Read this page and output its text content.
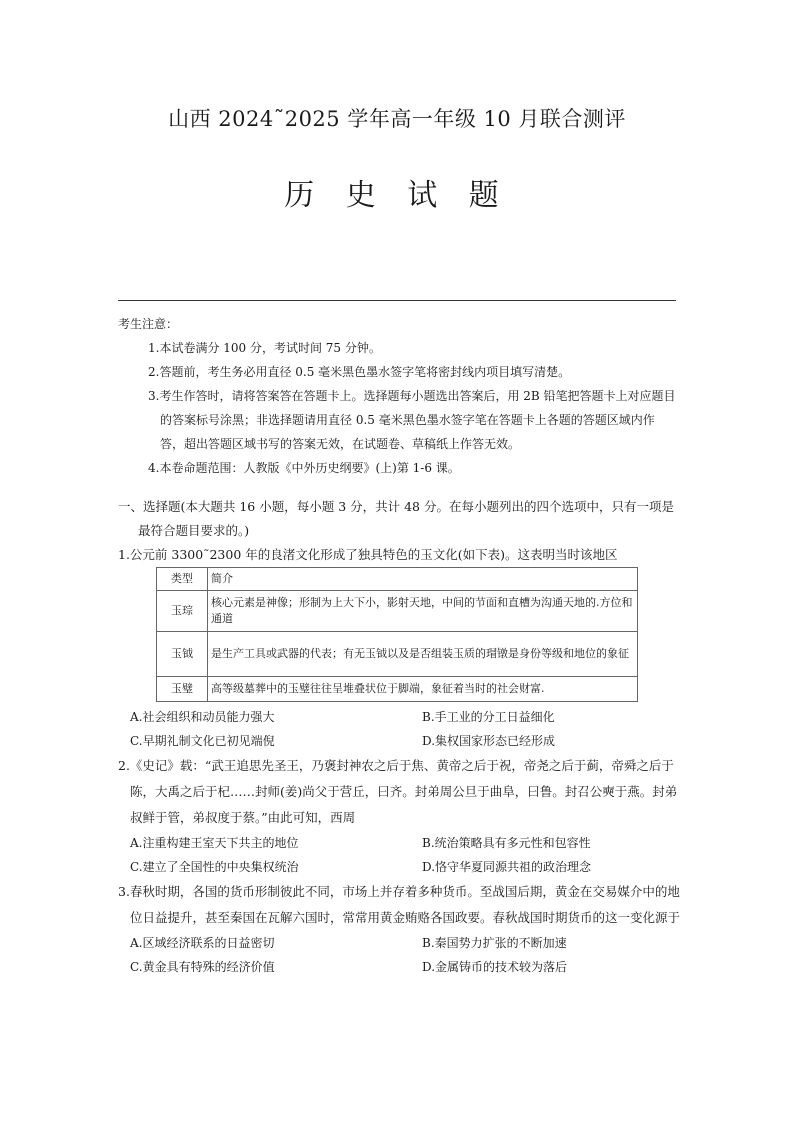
山西 2024˜2025 学年高一年级 10 月联合测评
历 史 试 题

考生注意：

1.本试卷满分 100 分，考试时间 75 分钟。
2.答题前，考生务必用直径 0.5 毫米黑色墨水签字笔将密封线内项目填写清楚。
3.考生作答时，请将答案答在答题卡上。选择题每小题选出答案后，用 2B 铅笔把答题卡上对应题目的答案标号涂黑；非选择题请用直径 0.5 毫米黑色墨水签字笔在答题卡上各题的答题区域内作答，超出答题区域书写的答案无效，在试题卷、草稿纸上作答无效。
4.本卷命题范围：人教版《中外历史纲要》(上)第 1-6 课。

一、选择题(本大题共 16 小题，每小题 3 分，共计 48 分。在每小题列出的四个选项中，只有一项是最符合题目要求的。)

1.公元前 3300˜2300 年的良渚文化形成了独具特色的玉文化(如下表)。这表明当时该地区

类型	简介
玉琮	核心元素是神像；形制为上大下小，影射天地，中间的节面和直槽为沟通天地的.方位和通道
玉钺	是生产工具或武器的代表；有无玉钺以及是否组装玉质的瑁镦是身份等级和地位的象征
玉璧	高等级墓葬中的玉璧往往呈堆叠状位于脚端，象征着当时的社会财富.
A.社会组织和动员能力强大	B.手工业的分工日益细化
C.早期礼制文化已初见端倪	D.集权国家形态已经形成

2.《史记》载：“武王追思先圣王，乃褒封神农之后于焦、黄帝之后于祝，帝尧之后于蓟，帝舜之后于陈，大禹之后于杞……封师(姜)尚父于营丘，曰齐。封弟周公旦于曲阜，曰鲁。封召公奭于燕。封弟叔鲜于管，弟叔度于蔡。”由此可知，西周

A.注重构建王室天下共主的地位	B.统治策略具有多元性和包容性
C.建立了全国性的中央集权统治	D.恪守华夏同源共祖的政治理念

3.春秋时期，各国的货币形制彼此不同，市场上并存着多种货币。至战国后期，黄金在交易媒介中的地位日益提升，甚至秦国在瓦解六国时，常常用黄金贿赂各国政要。春秋战国时期货币的这一变化源于

A.区域经济联系的日益密切	B.秦国势力扩张的不断加速
C.黄金具有特殊的经济价值	D.金属铸币的技术较为落后
